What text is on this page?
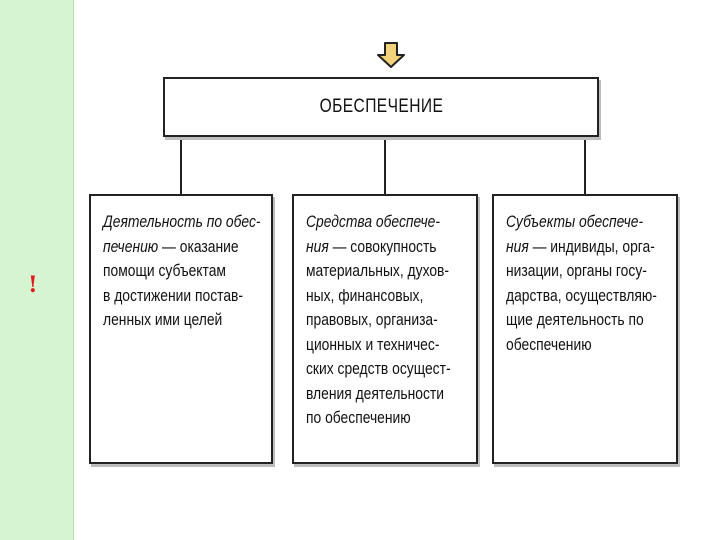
!
ОБЕСПЕЧЕНИЕ

Деятельность по обес-
печению — оказание
помощи субъектам
в достижении постав-
ленных ими целей

Средства обеспече-
ния — совокупность
материальных, духов-
ных, финансовых,
правовых, организа-
ционных и техничес-
ских средств осущест-
вления деятельности
по обеспечению

Субъекты обеспече-
ния — индивиды, орга-
низации, органы госу-
дарства, осуществляю-
щие деятельность по
обеспечению
